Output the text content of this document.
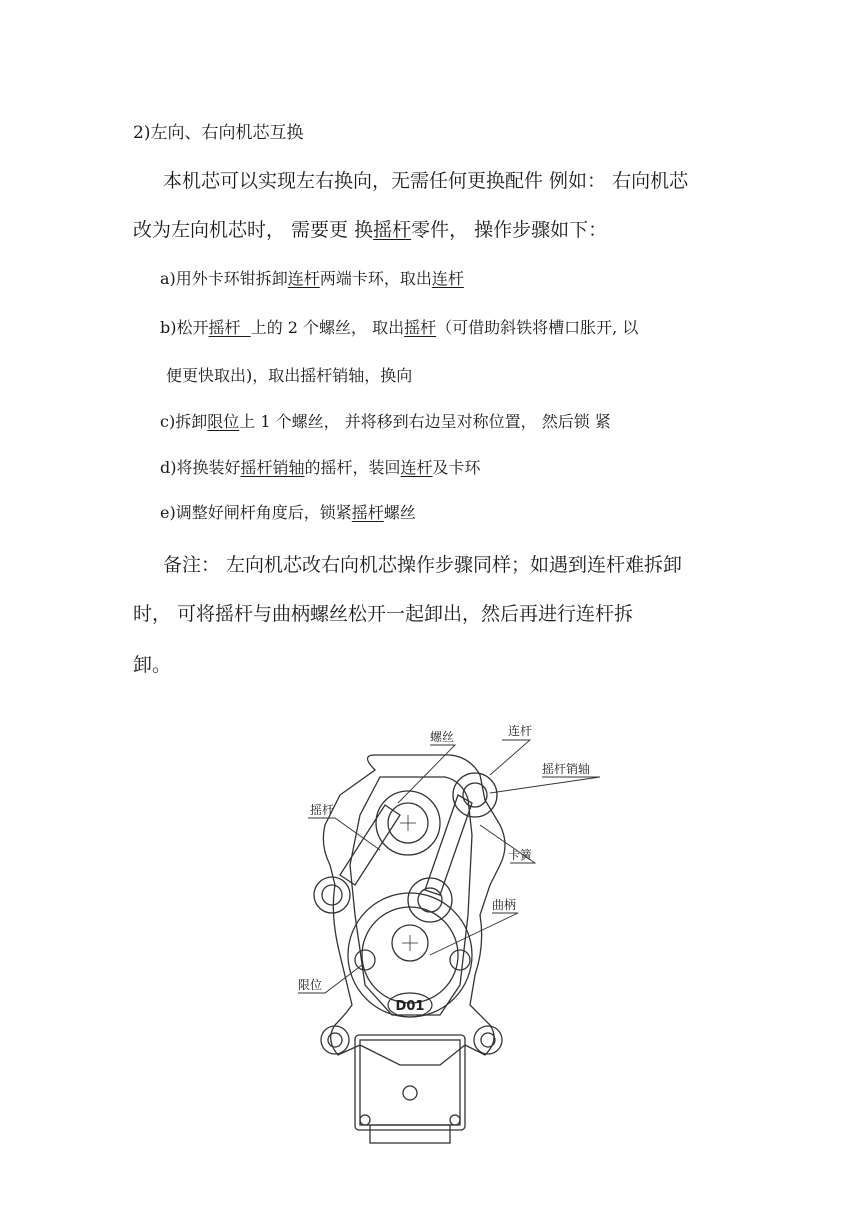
2)左向、右向机芯互换
本机芯可以实现左右换向，无需任何更换配件 例如： 右向机芯
改为左向机芯时， 需要更 换摇杆零件， 操作步骤如下：
a)用外卡环钳拆卸连杆两端卡环，取出连杆
b)松开摇杆  上的 2 个螺丝， 取出摇杆（可借助斜铁将槽口胀开, 以
便更快取出)，取出摇杆销轴，换向
c)拆卸限位上 1 个螺丝， 并将移到右边呈对称位置， 然后锁 紧
d)将换装好摇杆销轴的摇杆，装回连杆及卡环
e)调整好闸杆角度后，锁紧摇杆螺丝
备注： 左向机芯改右向机芯操作步骤同样；如遇到连杆难拆卸
时， 可将摇杆与曲柄螺丝松开一起卸出，然后再进行连杆拆
卸。
D01
螺丝	连杆
摇杆销轴
摇杆
卡簧
曲柄
限位
